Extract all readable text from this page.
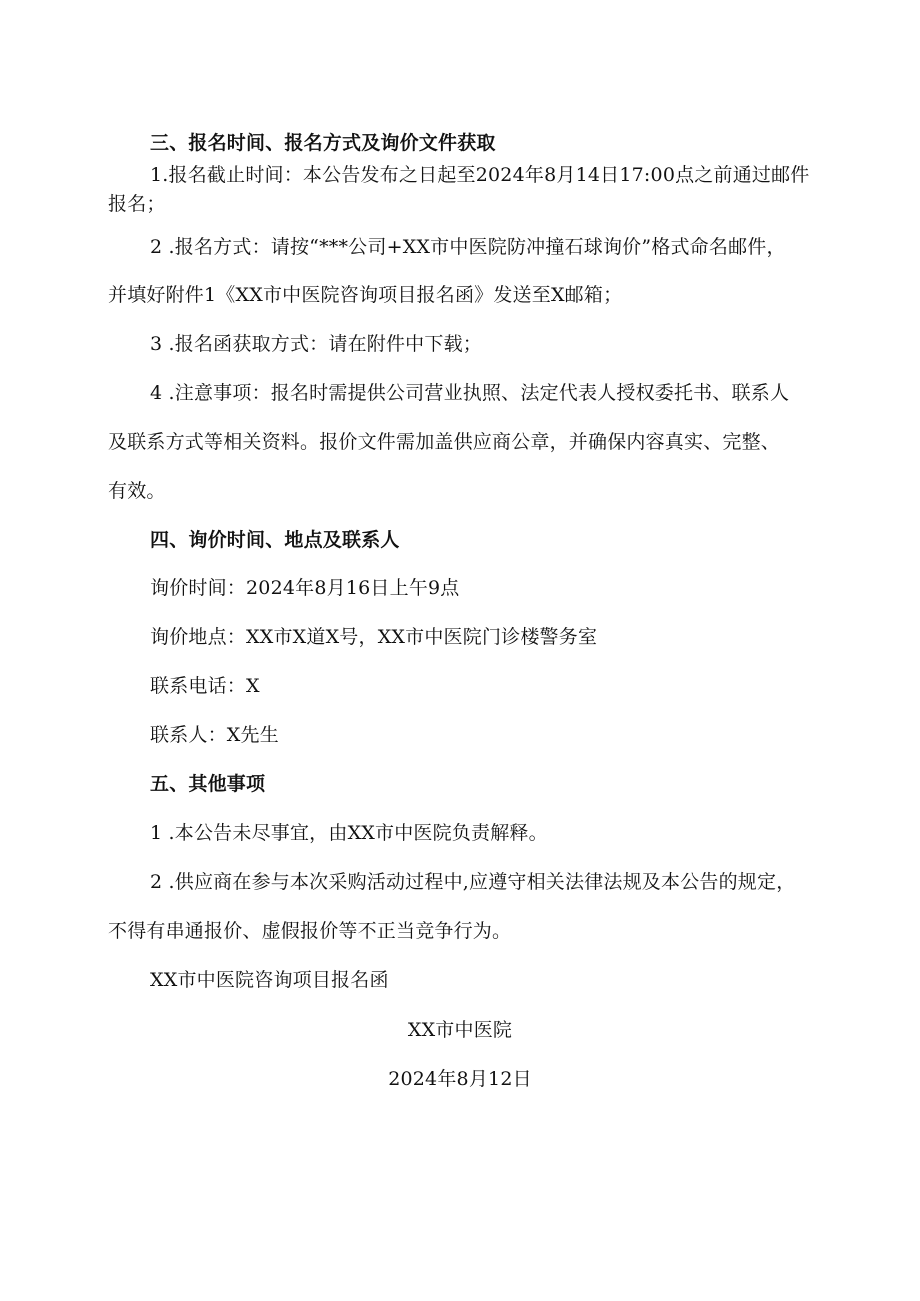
三、报名时间、报名方式及询价文件获取
1.报名截止时间：本公告发布之日起至2024年8月14日17:00点之前通过邮件
报名；
2 .报名方式：请按“***公司+XX市中医院防冲撞石球询价”格式命名邮件，
并填好附件1《XX市中医院咨询项目报名函》发送至X邮箱；
3 .报名函获取方式：请在附件中下载；
4 .注意事项：报名时需提供公司营业执照、法定代表人授权委托书、联系人
及联系方式等相关资料。报价文件需加盖供应商公章，并确保内容真实、完整、
有效。
四、询价时间、地点及联系人
询价时间：2024年8月16日上午9点
询价地点：XX市X道X号，XX市中医院门诊楼警务室
联系电话：X
联系人：X先生
五、其他事项
1 .本公告未尽事宜，由XX市中医院负责解释。
2 .供应商在参与本次采购活动过程中,应遵守相关法律法规及本公告的规定，
不得有串通报价、虚假报价等不正当竞争行为。
XX市中医院咨询项目报名函
XX市中医院
2024年8月12日
